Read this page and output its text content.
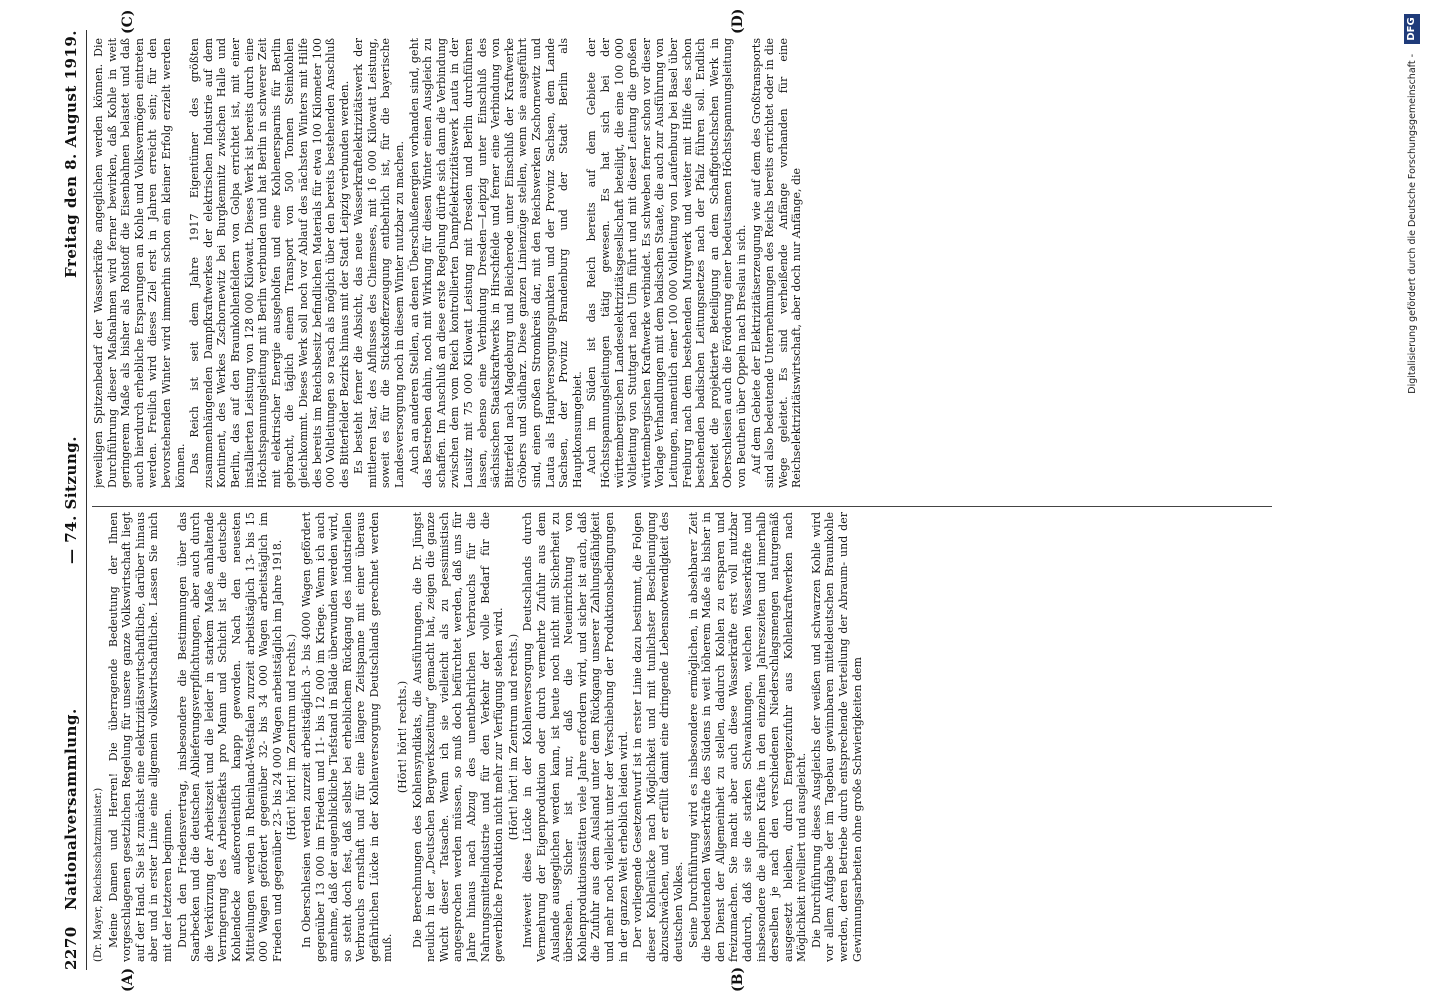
2270
Nationalversammlung.
— 74. Sitzung.
Freitag den 8. August 1919.
(A)	(B)
(C)	(D)

(Dr. Mayer, Reichsschatzminister.) Meine Damen und Herren! Die überragende Bedeutung der Ihnen vorgeschlagenen gesetzlichen Regelung für unsere ganze Volkswirtschaft liegt auf der Hand. Sie ist zunächst eine elektrizitätswirtschaftliche, darüber hinaus aber und in erster Linie eine allgemein volkswirtschaftliche. Lassen Sie mich mit der letzteren beginnen. Durch den Friedensvertrag, insbesondere die Bestimmungen über das Saarbecken und die deutschen Ablieferungsverpflichtungen, aber auch durch die Verkürzung der Arbeitszeit und die leider in starkem Maße anhaltende Verringerung des Arbeitseffekts pro Mann und Schicht ist die deutsche Kohlendecke außerordentlich knapp geworden. Nach den neuesten Mitteilungen werden in Rheinland-Westfalen zurzeit arbeitstäglich 13- bis 15 000 Wagen gefördert gegenüber 32- bis 34 000 Wagen arbeitstäglich im Frieden und gegenüber 23- bis 24 000 Wagen arbeitstäglich im Jahre 1918. (Hört! hört! im Zentrum und rechts.) In Oberschlesien werden zurzeit arbeitstäglich 3- bis 4000 Wagen gefördert gegenüber 13 000 im Frieden und 11- bis 12 000 im Kriege. Wenn ich auch annehme, daß der augenblickliche Tiefstand in Bälde überwunden werden wird, so steht doch fest, daß selbst bei erheblichem Rückgang des industriellen Verbrauchs ernsthaft und für eine längere Zeitspanne mit einer überaus gefährlichen Lücke in der Kohlenversorgung Deutschlands gerechnet werden muß.

(Hört! hört! rechts.) Die Berechnungen des Kohlensyndikats, die Ausführungen, die Dr. Jüngst neulich in der „Deutschen Bergwerkszeitung“ gemacht hat, zeigen die ganze Wucht dieser Tatsache. Wenn ich sie vielleicht als zu pessimistisch angesprochen werden müssen, so muß doch befürchtet werden, daß uns für Jahre hinaus nach Abzug des unentbehrlichen Verbrauchs für die Nahrungsmittelindustrie und für den Verkehr der volle Bedarf für die gewerbliche Produktion nicht mehr zur Verfügung stehen wird. (Hört! hört! im Zentrum und rechts.) Inwieweit diese Lücke in der Kohlenversorgung Deutschlands durch Vermehrung der Eigenproduktion oder durch vermehrte Zufuhr aus dem Auslande ausgeglichen werden kann, ist heute noch nicht mit Sicherheit zu übersehen. Sicher ist nur, daß die Neueinrichtung von Kohlenproduktionsstätten viele Jahre erfordern wird, und sicher ist auch, daß die Zufuhr aus dem Ausland unter dem Rückgang unserer Zahlungsfähigkeit und mehr noch vielleicht unter der Verschiebung der Produktionsbedingungen in der ganzen Welt erheblich leiden wird. Der vorliegende Gesetzentwurf ist in erster Linie dazu bestimmt, die Folgen dieser Kohlenlücke nach Möglichkeit und mit tunlichster Beschleunigung abzuschwächen, und er erfüllt damit eine dringende Lebensnotwendigkeit des deutschen Volkes. Seine Durchführung wird es insbesondere ermöglichen, in absehbarer Zeit die bedeutenden Wasserkräfte des Südens in weit höherem Maße als bisher in den Dienst der Allgemeinheit zu stellen, dadurch Kohlen zu ersparen und freizumachen. Sie macht aber auch diese Wasserkräfte erst voll nutzbar dadurch, daß sie die starken Schwankungen, welchen Wasserkräfte und insbesondere die alpinen Kräfte in den einzelnen Jahreszeiten und innerhalb derselben je nach den verschiedenen Niederschlagsmengen naturgemäß ausgesetzt bleiben, durch Energiezufuhr aus Kohlenkraftwerken nach Möglichkeit nivelliert und ausgleicht. Die Durchführung dieses Ausgleichs der weißen und schwarzen Kohle wird vor allem Aufgabe der im Tagebau gewinnbaren mitteldeutschen Braunkohle werden, deren Betriebe durch entsprechende Verteilung der Abraum- und der Gewinnungsarbeiten ohne große Schwierigkeiten dem

jeweiligen Spitzenbedarf der Wasserkräfte angeglichen werden können. Die Durchführung dieser Maßnahmen wird ferner bewirken, daß Kohle in weit geringerem Maße als bisher als Rohstoff die Eisenbahnen belastet und daß auch hierdurch erhebliche Ersparungen an Kohle und Volksvermögen eintreten werden. Freilich wird dieses Ziel erst in Jahren erreicht sein; für den bevorstehenden Winter wird immerhin schon ein kleiner Erfolg erzielt werden können. Das Reich ist seit dem Jahre 1917 Eigentümer des größten zusammenhängenden Dampfkraftwerkes der elektrischen Industrie auf dem Kontinent, des Werkes Zschornewitz bei Burgkemnitz zwischen Halle und Berlin, das auf den Braunkohlenfeldern von Golpa errichtet ist, mit einer installierten Leistung von 128 000 Kilowatt. Dieses Werk ist bereits durch eine Höchstspannungsleitung mit Berlin verbunden und hat Berlin in schwerer Zeit mit elektrischer Energie ausgeholfen und eine Kohlenersparnis für Berlin gebracht, die täglich einem Transport von 500 Tonnen Steinkohlen gleichkommt. Dieses Werk soll noch vor Ablauf des nächsten Winters mit Hilfe des bereits im Reichsbesitz befindlichen Materials für etwa 100 Kilometer 100 000 Voltleitungen so rasch als möglich über den bereits bestehenden Anschluß des Bitterfelder Bezirks hinaus mit der Stadt Leipzig verbunden werden. Es besteht ferner die Absicht, das neue Wasserkraftelektrizitätswerk der mittleren Isar, des Abflusses des Chiemsees, mit 16 000 Kilowatt Leistung, soweit es für die Stickstofferzeugung entbehrlich ist, für die bayerische Landesversorgung noch in diesem Winter nutzbar zu machen. Auch an anderen Stellen, an denen Überschußenergien vorhanden sind, geht das Bestreben dahin, noch mit Wirkung für diesen Winter einen Ausgleich zu schaffen. Im Anschluß an diese erste Regelung dürfte sich dann die Verbindung zwischen dem vom Reich kontrollierten Dampfelektrizitätswerk Lauta in der Lausitz mit 75 000 Kilowatt Leistung mit Dresden und Berlin durchführen lassen, ebenso eine Verbindung Dresden—Leipzig unter Einschluß des sächsischen Staatskraftwerks in Hirschfelde und ferner eine Verbindung von Bitterfeld nach Magdeburg und Bleicherode unter Einschluß der Kraftwerke Gröbers und Südharz. Diese ganzen Linienzüge stellen, wenn sie ausgeführt sind, einen großen Stromkreis dar, mit den Reichswerken Zschornewitz und Lauta als Hauptversorgungspunkten und der Provinz Sachsen, dem Lande Sachsen, der Provinz Brandenburg und der Stadt Berlin als Hauptkonsumgebiet. Auch im Süden ist das Reich bereits auf dem Gebiete der Höchstspannungsleitungen tätig gewesen. Es hat sich bei der württembergischen Landeselektrizitätsgesellschaft beteiligt, die eine 100 000 Voltleitung von Stuttgart nach Ulm führt und mit dieser Leitung die großen württembergischen Kraftwerke verbindet. Es schweben ferner schon vor dieser Vorlage Verhandlungen mit dem badischen Staate, die auch zur Ausführung von Leitungen, namentlich einer 100 000 Voltleitung von Laufenburg bei Basel über Freiburg nach dem bestehenden Murgwerk und weiter mit Hilfe des schon bestehenden badischen Leitungsnetzes nach der Pfalz führen soll. Endlich bereitet die projektierte Beteiligung an dem Schaffgottschschen Werk in Oberschlesien auch die Förderung einer bedeutsamen Höchstspannungsleitung von Beuthen über Oppeln nach Breslau in sich. Auf dem Gebiete der Elektrizitätserzeugung wie auf dem des Großtransports sind also bedeutende Unternehmungen des Reichs bereits errichtet oder in die Wege geleitet. Es sind verheißende Anfänge vorhanden für eine Reichselektrizitätswirtschaft, aber doch nur Anfänge, die	Digitalisierung gefördert durch die Deutsche Forschungsgemeinschaft -
DFG
